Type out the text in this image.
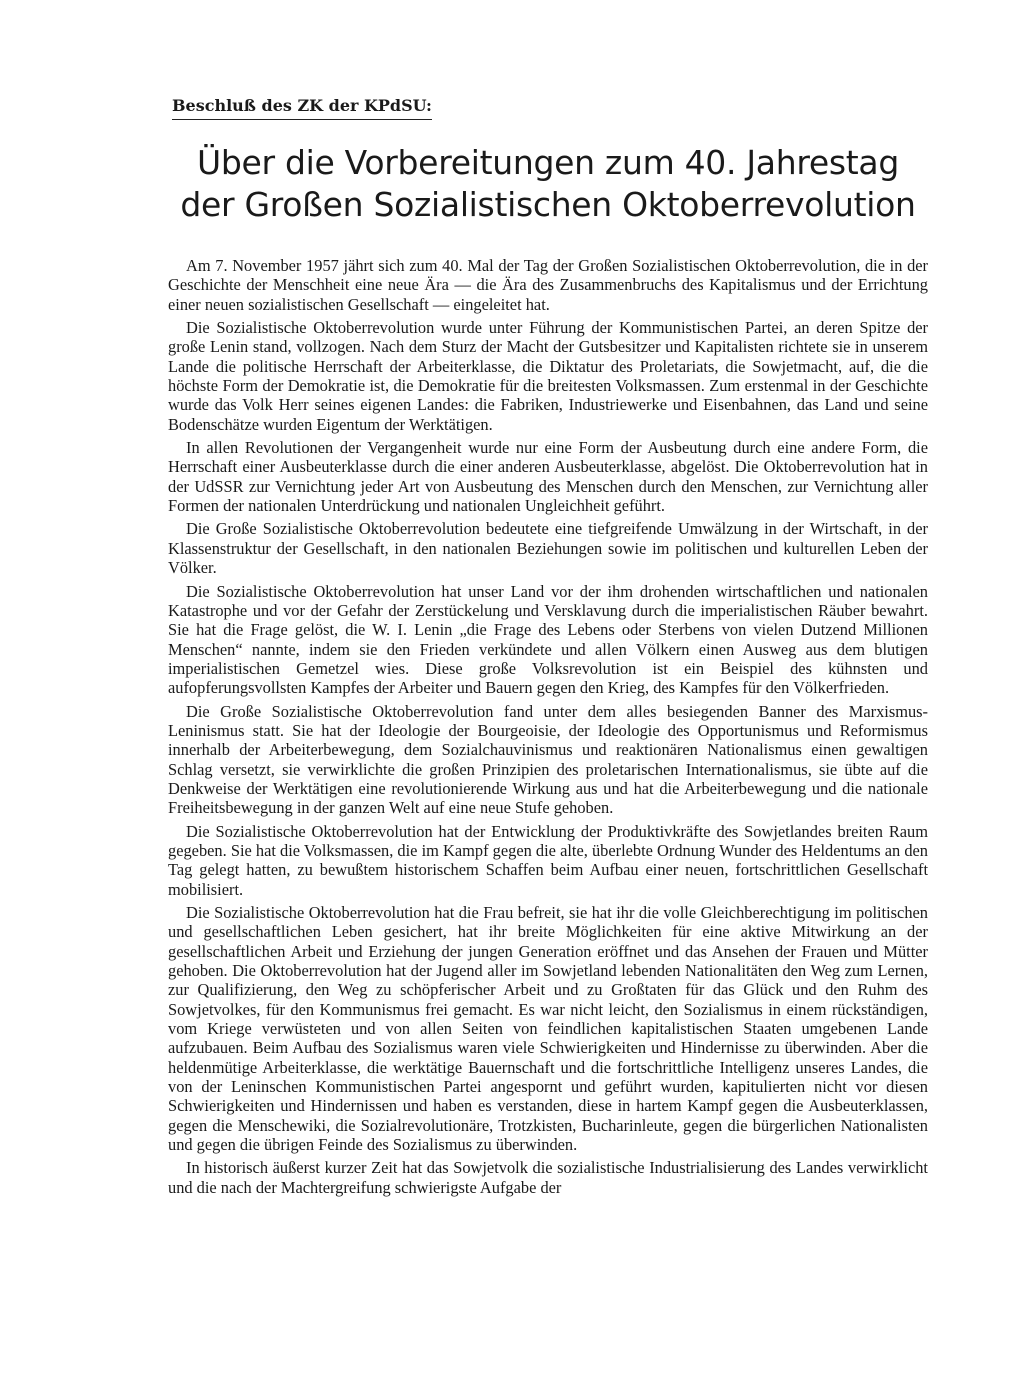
Beschluß des ZK der KPdSU:
Über die Vorbereitungen zum 40. Jahrestag
der Großen Sozialistischen Oktoberrevolution

Am 7. November 1957 jährt sich zum 40. Mal der Tag der Großen Sozialistischen Oktoberrevolution, die in der Geschichte der Menschheit eine neue Ära — die Ära des Zusammenbruchs des Kapitalismus und der Errichtung einer neuen sozialistischen Gesellschaft — eingeleitet hat.

Die Sozialistische Oktoberrevolution wurde unter Führung der Kommunistischen Partei, an deren Spitze der große Lenin stand, vollzogen. Nach dem Sturz der Macht der Gutsbesitzer und Kapitalisten richtete sie in unserem Lande die politische Herrschaft der Arbeiterklasse, die Diktatur des Proletariats, die Sowjetmacht, auf, die die höchste Form der Demokratie ist, die Demokratie für die breitesten Volksmassen. Zum erstenmal in der Geschichte wurde das Volk Herr seines eigenen Landes: die Fabriken, Industriewerke und Eisenbahnen, das Land und seine Bodenschätze wurden Eigentum der Werktätigen.

In allen Revolutionen der Vergangenheit wurde nur eine Form der Ausbeutung durch eine andere Form, die Herrschaft einer Ausbeuterklasse durch die einer anderen Ausbeuterklasse, abgelöst. Die Oktoberrevolution hat in der UdSSR zur Vernichtung jeder Art von Ausbeutung des Menschen durch den Menschen, zur Vernichtung aller Formen der nationalen Unterdrückung und nationalen Ungleichheit geführt.

Die Große Sozialistische Oktoberrevolution bedeutete eine tiefgreifende Umwälzung in der Wirtschaft, in der Klassenstruktur der Gesellschaft, in den nationalen Beziehungen sowie im politischen und kulturellen Leben der Völker.

Die Sozialistische Oktoberrevolution hat unser Land vor der ihm drohenden wirtschaftlichen und nationalen Katastrophe und vor der Gefahr der Zerstückelung und Versklavung durch die imperialistischen Räuber bewahrt. Sie hat die Frage gelöst, die W. I. Lenin „die Frage des Lebens oder Sterbens von vielen Dutzend Millionen Menschen“ nannte, indem sie den Frieden verkündete und allen Völkern einen Ausweg aus dem blutigen imperialistischen Gemetzel wies. Diese große Volksrevolution ist ein Beispiel des kühnsten und aufopferungsvollsten Kampfes der Arbeiter und Bauern gegen den Krieg, des Kampfes für den Völkerfrieden.

Die Große Sozialistische Oktoberrevolution fand unter dem alles besiegenden Banner des Marxismus-Leninismus statt. Sie hat der Ideologie der Bourgeoisie, der Ideologie des Opportunismus und Reformismus innerhalb der Arbeiterbewegung, dem Sozialchauvinismus und reaktionären Nationalismus einen gewaltigen Schlag versetzt, sie verwirklichte die großen Prinzipien des proletarischen Internationalismus, sie übte auf die Denkweise der Werktätigen eine revolutionierende Wirkung aus und hat die Arbeiterbewegung und die nationale Freiheitsbewegung in der ganzen Welt auf eine neue Stufe gehoben.

Die Sozialistische Oktoberrevolution hat der Entwicklung der Produktivkräfte des Sowjetlandes breiten Raum gegeben. Sie hat die Volksmassen, die im Kampf gegen die alte, überlebte Ordnung Wunder des Heldentums an den Tag gelegt hatten, zu bewußtem historischem Schaffen beim Aufbau einer neuen, fortschrittlichen Gesellschaft mobilisiert.

Die Sozialistische Oktoberrevolution hat die Frau befreit, sie hat ihr die volle Gleichberechtigung im politischen und gesellschaftlichen Leben gesichert, hat ihr breite Möglichkeiten für eine aktive Mitwirkung an der gesellschaftlichen Arbeit und Erziehung der jungen Generation eröffnet und das Ansehen der Frauen und Mütter gehoben. Die Oktoberrevolution hat der Jugend aller im Sowjetland lebenden Nationalitäten den Weg zum Lernen, zur Qualifizierung, den Weg zu schöpferischer Arbeit und zu Großtaten für das Glück und den Ruhm des Sowjetvolkes, für den Kommunismus frei gemacht. Es war nicht leicht, den Sozialismus in einem rückständigen, vom Kriege verwüsteten und von allen Seiten von feindlichen kapitalistischen Staaten umgebenen Lande aufzubauen. Beim Aufbau des Sozialismus waren viele Schwierigkeiten und Hindernisse zu überwinden. Aber die heldenmütige Arbeiterklasse, die werktätige Bauernschaft und die fortschrittliche Intelligenz unseres Landes, die von der Leninschen Kommunistischen Partei angespornt und geführt wurden, kapitulierten nicht vor diesen Schwierigkeiten und Hindernissen und haben es verstanden, diese in hartem Kampf gegen die Ausbeuterklassen, gegen die Menschewiki, die Sozialrevolutionäre, Trotzkisten, Bucharinleute, gegen die bürgerlichen Nationalisten und gegen die übrigen Feinde des Sozialismus zu überwinden.

In historisch äußerst kurzer Zeit hat das Sowjetvolk die sozialistische Industrialisierung des Landes verwirklicht und die nach der Machtergreifung schwierigste Aufgabe der
